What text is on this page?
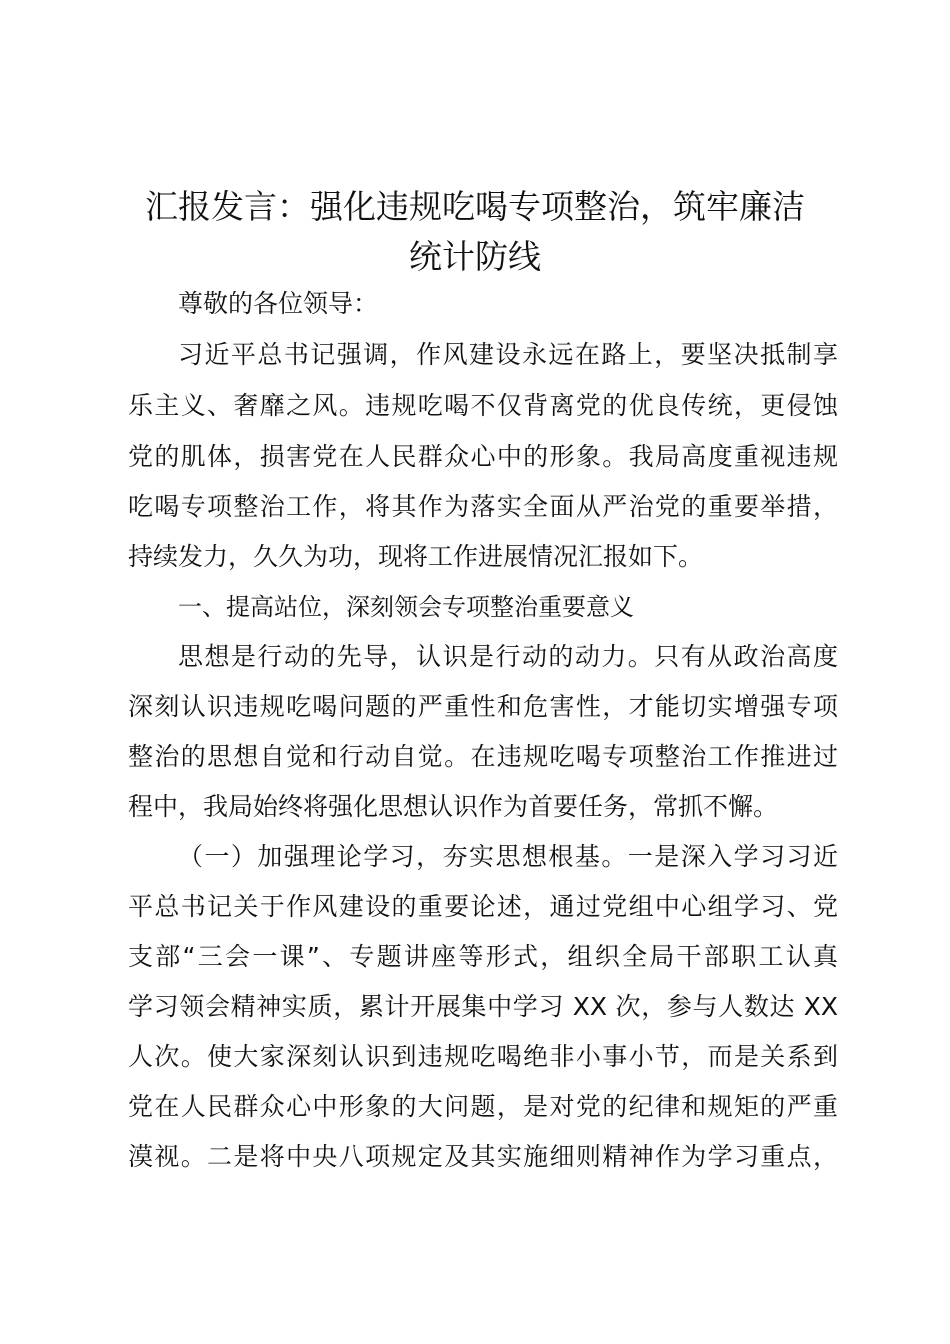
汇报发言：强化违规吃喝专项整治，筑牢廉洁
统计防线

尊敬的各位领导：

习近平总书记强调，作风建设永远在路上，要坚决抵制享

乐主义、奢靡之风。违规吃喝不仅背离党的优良传统，更侵蚀

党的肌体，损害党在人民群众心中的形象。我局高度重视违规

吃喝专项整治工作，将其作为落实全面从严治党的重要举措，

持续发力，久久为功，现将工作进展情况汇报如下。

一、提高站位，深刻领会专项整治重要意义

思想是行动的先导，认识是行动的动力。只有从政治高度

深刻认识违规吃喝问题的严重性和危害性，才能切实增强专项

整治的思想自觉和行动自觉。在违规吃喝专项整治工作推进过

程中，我局始终将强化思想认识作为首要任务，常抓不懈。

（一）加强理论学习，夯实思想根基。一是深入学习习近

平总书记关于作风建设的重要论述，通过党组中心组学习、党

支部“三会一课”、专题讲座等形式，组织全局干部职工认真

学习领会精神实质，累计开展集中学习 XX 次，参与人数达 XX

人次。使大家深刻认识到违规吃喝绝非小事小节，而是关系到

党在人民群众心中形象的大问题，是对党的纪律和规矩的严重

漠视。二是将中央八项规定及其实施细则精神作为学习重点，
